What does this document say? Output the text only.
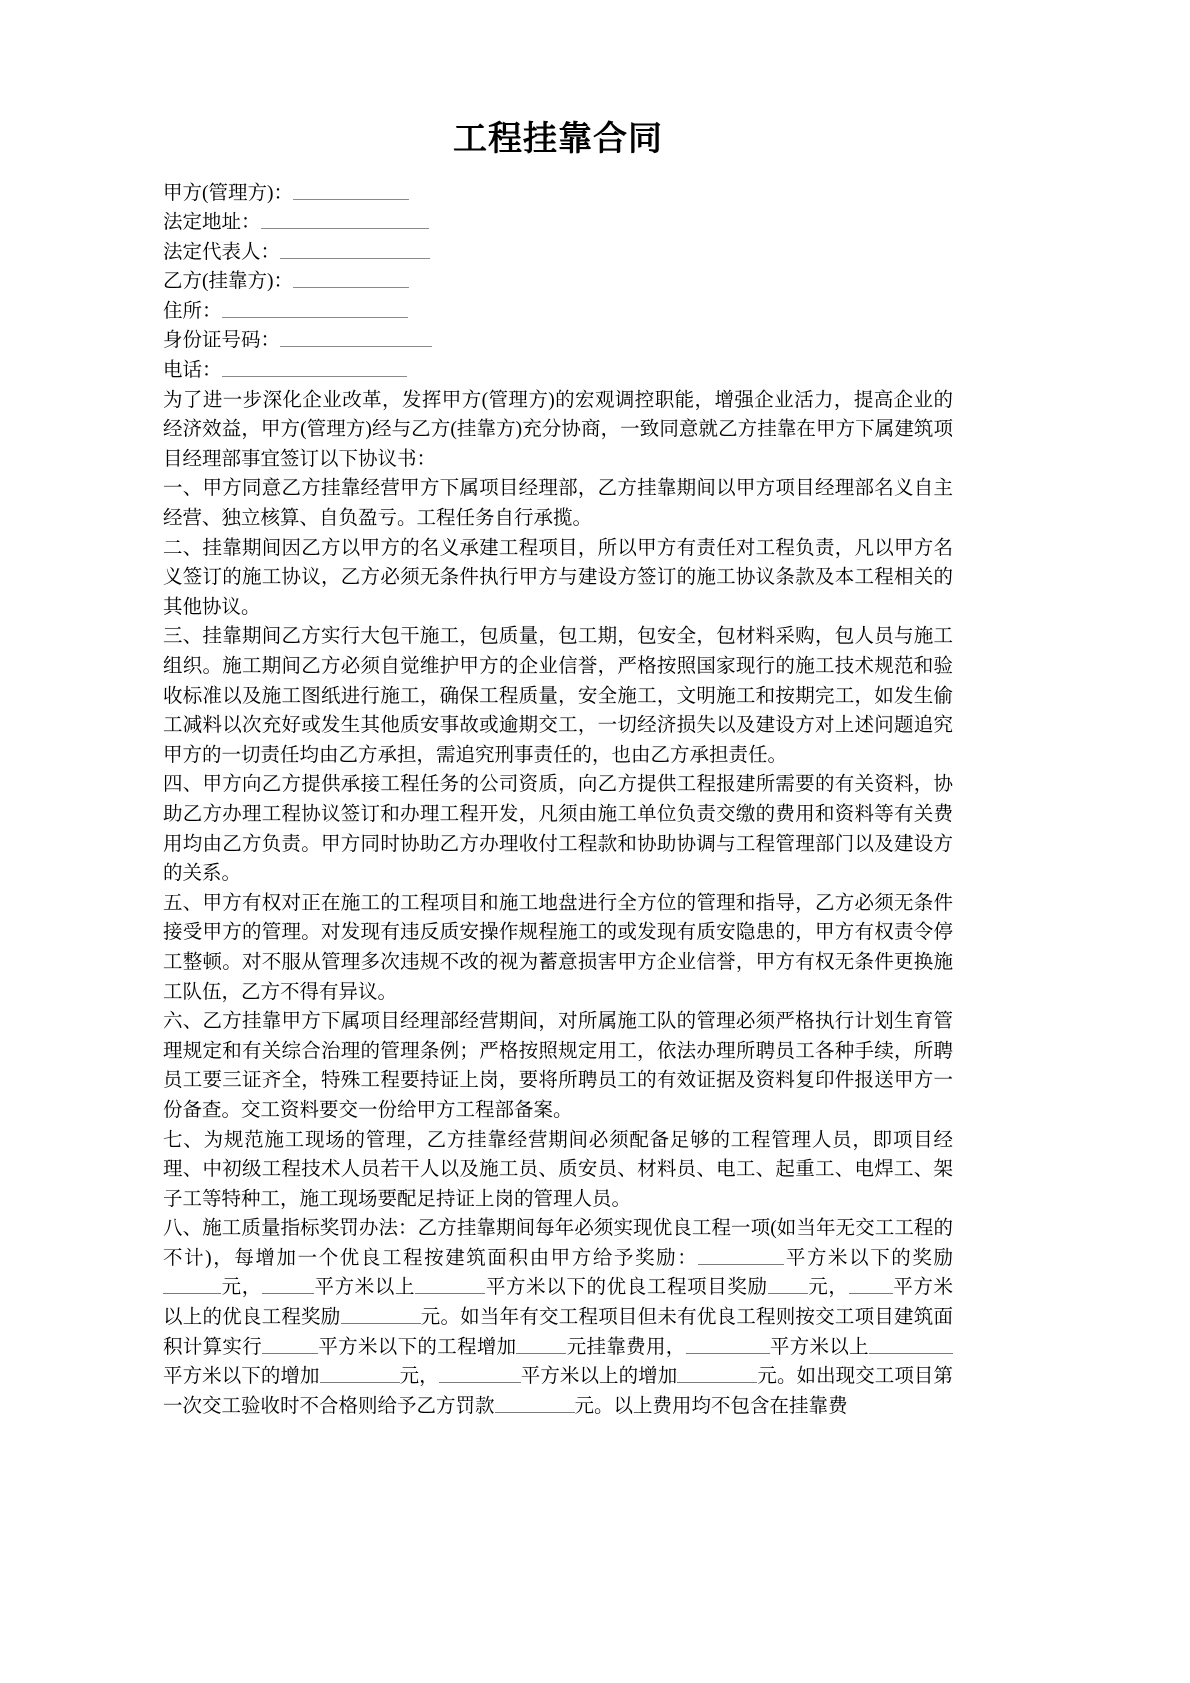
工程挂靠合同
甲方(管理方)：
法定地址：
法定代表人：
乙方(挂靠方)：
住所：
身份证号码：
电话：

为了进一步深化企业改革，发挥甲方(管理方)的宏观调控职能，增强企业活力，提高企业的经济效益，甲方(管理方)经与乙方(挂靠方)充分协商，一致同意就乙方挂靠在甲方下属建筑项目经理部事宜签订以下协议书：

一、甲方同意乙方挂靠经营甲方下属项目经理部，乙方挂靠期间以甲方项目经理部名义自主经营、独立核算、自负盈亏。工程任务自行承揽。

二、挂靠期间因乙方以甲方的名义承建工程项目，所以甲方有责任对工程负责，凡以甲方名义签订的施工协议，乙方必须无条件执行甲方与建设方签订的施工协议条款及本工程相关的其他协议。

三、挂靠期间乙方实行大包干施工，包质量，包工期，包安全，包材料采购，包人员与施工组织。施工期间乙方必须自觉维护甲方的企业信誉，严格按照国家现行的施工技术规范和验收标准以及施工图纸进行施工，确保工程质量，安全施工，文明施工和按期完工，如发生偷工减料以次充好或发生其他质安事故或逾期交工，一切经济损失以及建设方对上述问题追究甲方的一切责任均由乙方承担，需追究刑事责任的，也由乙方承担责任。

四、甲方向乙方提供承接工程任务的公司资质，向乙方提供工程报建所需要的有关资料，协助乙方办理工程协议签订和办理工程开发，凡须由施工单位负责交缴的费用和资料等有关费用均由乙方负责。甲方同时协助乙方办理收付工程款和协助协调与工程管理部门以及建设方的关系。

五、甲方有权对正在施工的工程项目和施工地盘进行全方位的管理和指导，乙方必须无条件接受甲方的管理。对发现有违反质安操作规程施工的或发现有质安隐患的，甲方有权责令停工整顿。对不服从管理多次违规不改的视为蓄意损害甲方企业信誉，甲方有权无条件更换施工队伍，乙方不得有异议。

六、乙方挂靠甲方下属项目经理部经营期间，对所属施工队的管理必须严格执行计划生育管理规定和有关综合治理的管理条例；严格按照规定用工，依法办理所聘员工各种手续，所聘员工要三证齐全，特殊工程要持证上岗，要将所聘员工的有效证据及资料复印件报送甲方一份备查。交工资料要交一份给甲方工程部备案。

七、为规范施工现场的管理，乙方挂靠经营期间必须配备足够的工程管理人员，即项目经理、中初级工程技术人员若干人以及施工员、质安员、材料员、电工、起重工、电焊工、架子工等特种工，施工现场要配足持证上岗的管理人员。

八、施工质量指标奖罚办法：乙方挂靠期间每年必须实现优良工程一项(如当年无交工工程的不计)，每增加一个优良工程按建筑面积由甲方给予奖励：	平方米以下的奖励元，	平方米以上	平方米以下的优良工程项目奖励 元， 平方米以上的优良工程奖励	元。如当年有交工程项目但未有优良工程则按交工项目建筑面积计算实行	平方米以下的工程增加	元挂靠费用，	平方米以上平方米以下的增加	元，	平方米以上的增加	元。如出现交工项目第一次交工验收时不合格则给予乙方罚款	元。以上费用均不包含在挂靠费
